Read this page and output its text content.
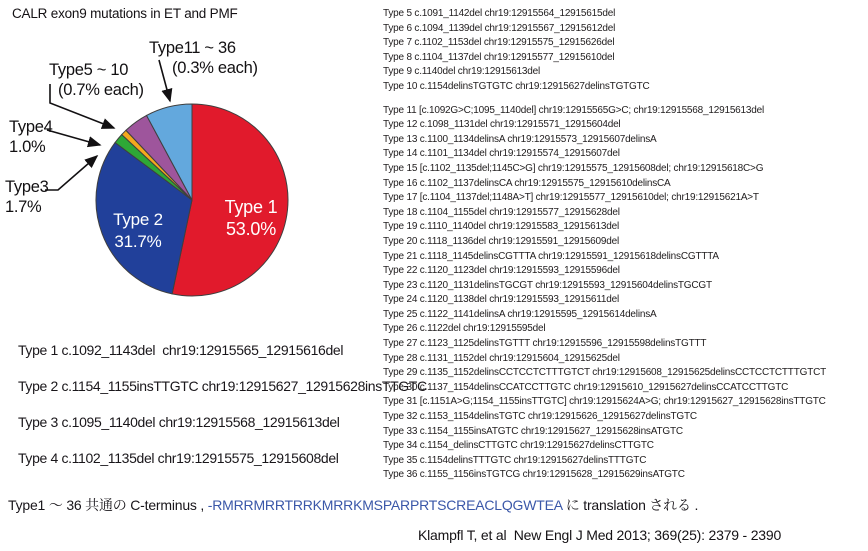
CALR exon9 mutations in ET and PMF
Type 1
53.0%
Type 2
31.7%
Type11 ~ 36
(0.3% each)
Type5 ~ 10
(0.7% each)
Type4
1.0%
Type3
1.7%
Type 1 c.1092_1143del  chr19:12915565_12915616del
Type 2 c.1154_1155insTTGTC chr19:12915627_12915628insTTGTC
Type 3 c.1095_1140del chr19:12915568_12915613del
Type 4 c.1102_1135del chr19:12915575_12915608del
Type 5 c.1091_1142del chr19:12915564_12915615del
Type 6 c.1094_1139del chr19:12915567_12915612del
Type 7 c.1102_1153del chr19:12915575_12915626del
Type 8 c.1104_1137del chr19:12915577_12915610del
Type 9 c.1140del chr19:12915613del
Type 10 c.1154delinsTGTGTC chr19:12915627delinsTGTGTC
Type 11 [c.1092G>C;1095_1140del] chr19:12915565G>C; chr19:12915568_12915613del
Type 12 c.1098_1131del chr19:12915571_12915604del
Type 13 c.1100_1134delinsA chr19:12915573_12915607delinsA
Type 14 c.1101_1134del chr19:12915574_12915607del
Type 15 [c.1102_1135del;1145C>G] chr19:12915575_12915608del; chr19:12915618C>G
Type 16 c.1102_1137delinsCA chr19:12915575_12915610delinsCA
Type 17 [c.1104_1137del;1148A>T] chr19:12915577_12915610del; chr19:12915621A>T
Type 18 c.1104_1155del chr19:12915577_12915628del
Type 19 c.1110_1140del chr19:12915583_12915613del
Type 20 c.1118_1136del chr19:12915591_12915609del
Type 21 c.1118_1145delinsCGTTTA chr19:12915591_12915618delinsCGTTTA
Type 22 c.1120_1123del chr19:12915593_12915596del
Type 23 c.1120_1131delinsTGCGT chr19:12915593_12915604delinsTGCGT
Type 24 c.1120_1138del chr19:12915593_12915611del
Type 25 c.1122_1141delinsA chr19:12915595_12915614delinsA
Type 26 c.1122del chr19:12915595del
Type 27 c.1123_1125delinsTGTTT chr19:12915596_12915598delinsTGTTT
Type 28 c.1131_1152del chr19:12915604_12915625del
Type 29 c.1135_1152delinsCCTCCTCTTTGTCT chr19:12915608_12915625delinsCCTCCTCTTTGTCT
Type 30 c.1137_1154delinsCCATCCTTGTC chr19:12915610_12915627delinsCCATCCTTGTC
Type 31 [c.1151A>G;1154_1155insTTGTC] chr19:12915624A>G; chr19:12915627_12915628insTTGTC
Type 32 c.1153_1154delinsTGTC chr19:12915626_12915627delinsTGTC
Type 33 c.1154_1155insATGTC chr19:12915627_12915628insATGTC
Type 34 c.1154_delinsCTTGTC chr19:12915627delinsCTTGTC
Type 35 c.1154delinsTTTGTC chr19:12915627delinsTTTGTC
Type 36 c.1155_1156insTGTCG chr19:12915628_12915629insATGTC
Type1 ～ 36 共通の C-terminus , -RMRRMRRTRRKMRRKMSPARPRTSCREACLQGWTEA に translation される .
Klampfl T, et al  New Engl J Med 2013; 369(25): 2379 - 2390
